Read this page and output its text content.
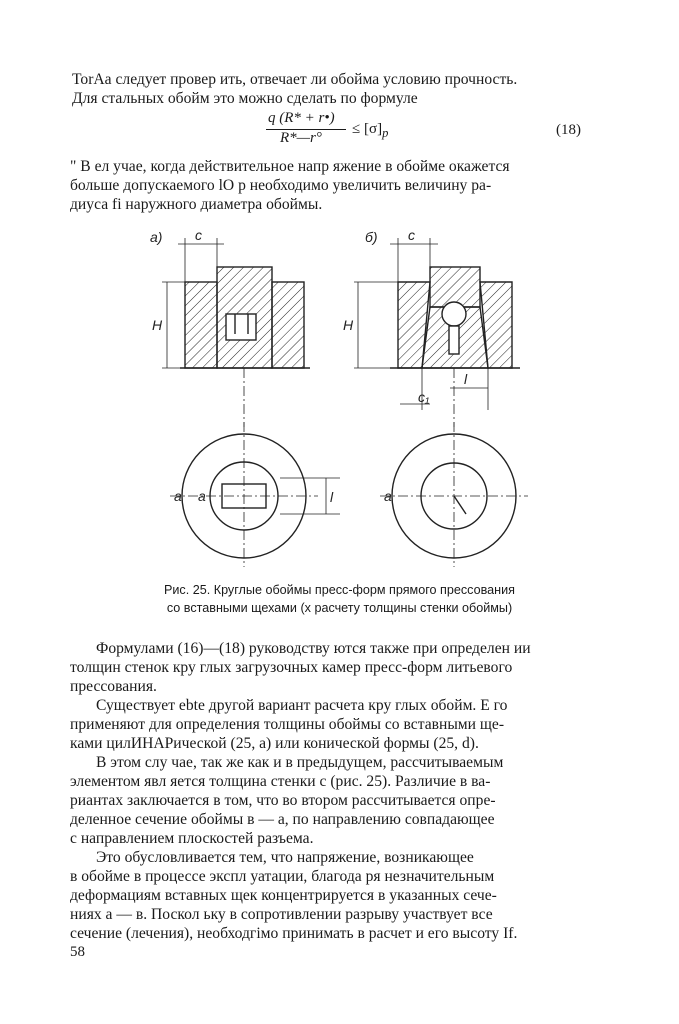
TorAa следует провер ить, отвечает ли обойма условию прочность.
Для стальных обойм это можно сделать по формуле
q (R* + r•)
R*—r°
≤ $[\sigma]_p$	(18)
" В ел учае, когда действительное напр яжение в обойме окажется
больше допускаемого lO p необходимо увеличить величину ра-
диуса fi наружного диаметра обоймы.
а)	б)
c	c
H	H
l
c₁
a a	a
l
Рис. 25. Круглые обоймы пресс-форм прямого прессования
со вставными щехами (х расчету толщины стенки обоймы)
Формулами (16)—(18) руководству ются также при определен ии
толщин стенок кру глых загрузочных камер пресс-форм литьевого
прессования.
Существует ebte другой вариант расчета кру глых обойм. Е го
применяют для определения толщины обоймы со вставными ще-
ками цилИНАРической (25, а) или конической формы (25, d).
В этом слу чае, так же как и в предыдущем, рассчитываемым
элементом явл яется толщина стенки с (рис. 25). Различие в ва-
риантах заключается в том, что во втором рассчитывается опре-
деленное сечение обоймы в — а, по направлению совпадающее
с направлением плоскостей разъема.
Это обусловливается тем, что напряжение, возникающее
в обойме в процессе экспл уатации, благода ря незначительным
деформациям вставных щек концентрируется в указанных сече-
ниях а — в. Поскол ьку в сопротивлении разрыву участвует все
сечение (лечения), необходгімо принимать в расчет и его высоту If.
58
